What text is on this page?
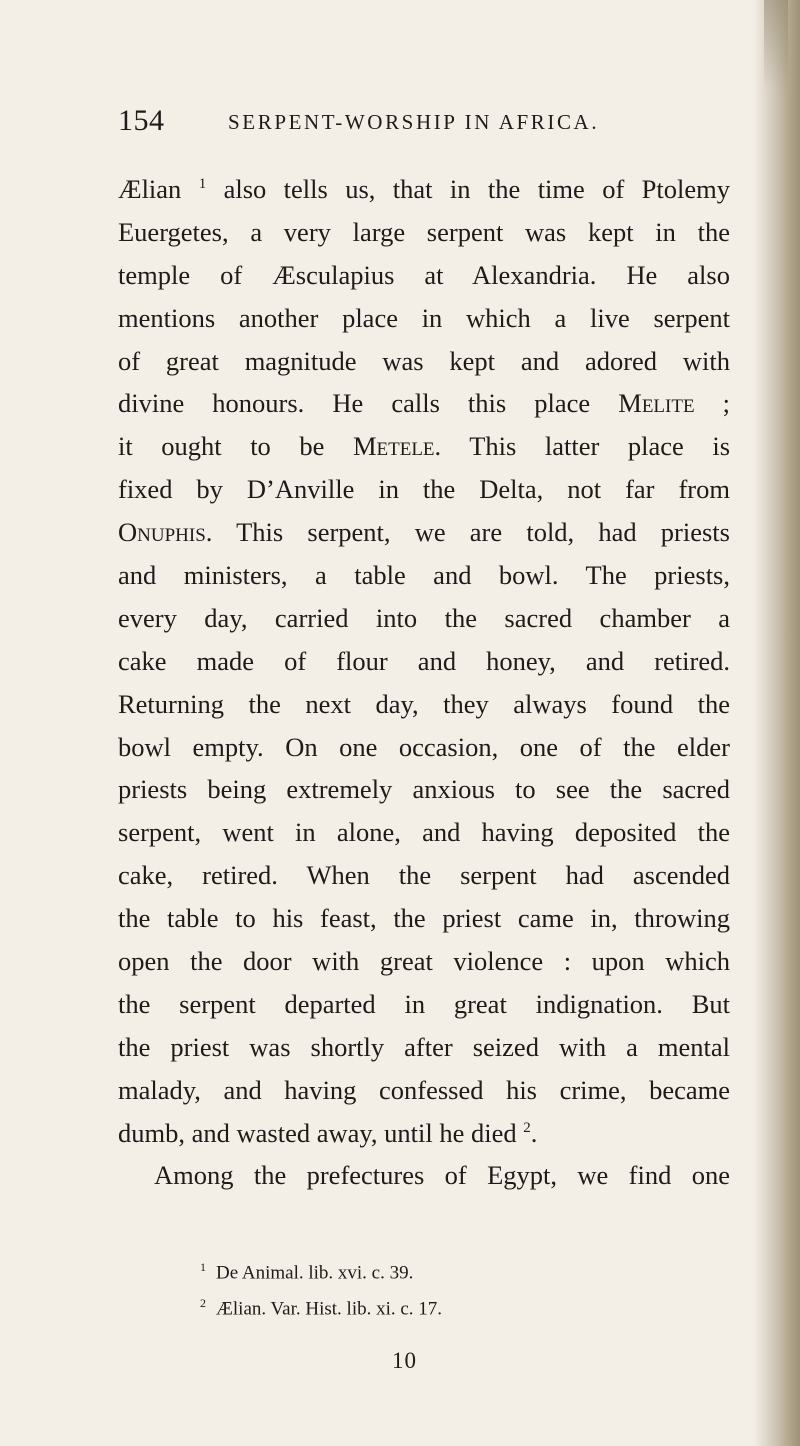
154	SERPENT-WORSHIP IN AFRICA.
Ælian $^1$ also tells us, that in the time of Ptolemy
Euergetes, a very large serpent was kept in the
temple of Æsculapius at Alexandria. He also
mentions another place in which a live serpent
of great magnitude was kept and adored with
divine honours. He calls this place Melite ;
it ought to be Metele. This latter place is
fixed by D’Anville in the Delta, not far from
Onuphis. This serpent, we are told, had priests
and ministers, a table and bowl. The priests,
every day, carried into the sacred chamber a
cake made of flour and honey, and retired.
Returning the next day, they always found the
bowl empty. On one occasion, one of the elder
priests being extremely anxious to see the sacred
serpent, went in alone, and having deposited the
cake, retired. When the serpent had ascended
the table to his feast, the priest came in, throwing
open the door with great violence : upon which
the serpent departed in great indignation. But
the priest was shortly after seized with a mental
malady, and having confessed his crime, became
dumb, and wasted away, until he died $^2$.
Among the prefectures of Egypt, we find one
$^1$ De Animal. lib. xvi. c. 39.
$^2$ Ælian. Var. Hist. lib. xi. c. 17.
10
